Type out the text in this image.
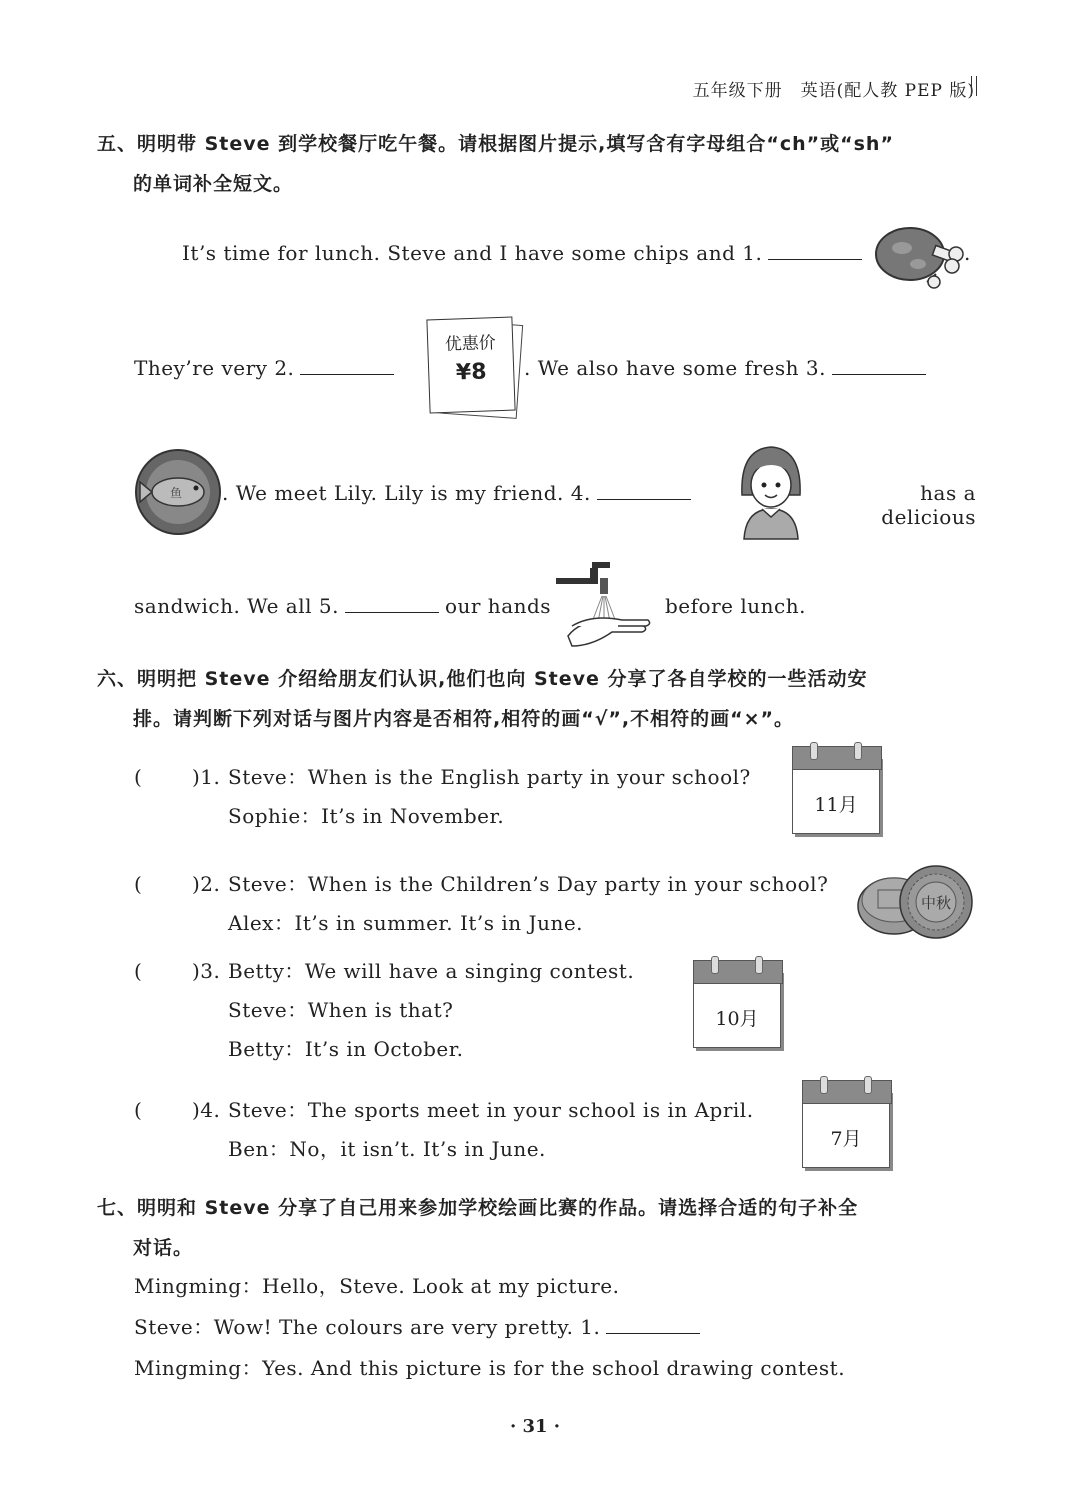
五年级下册　英语(配人教 PEP 版)
五、明明带 Steve 到学校餐厅吃午餐。请根据图片提示,填写含有字母组合“ch”或“sh”
的单词补全短文。
It’s time for lunch. Steve and I have some chips and 1.	.
They’re very 2.
优惠价
¥8	. We also have some fresh 3.
鱼 . We meet Lily. Lily is my friend. 4.	has a delicious
sandwich. We all 5.	our hands	before lunch.
六、明明把 Steve 介绍给朋友们认识,他们也向 Steve 分享了各自学校的一些活动安
排。请判断下列对话与图片内容是否相符,相符的画“√”,不相符的画“×”。
( )1. Steve：When is the English party in your school?
Sophie：It’s in November.	11月
( )2. Steve：When is the Children’s Day party in your school?
Alex：It’s in summer. It’s in June.
中秋
( )3. Betty：We will have a singing contest.
Steve：When is that?
Betty：It’s in October.
10月
( )4. Steve：The sports meet in your school is in April.
Ben：No，it isn’t. It’s in June.	7月
七、明明和 Steve 分享了自己用来参加学校绘画比赛的作品。请选择合适的句子补全
对话。
Mingming：Hello，Steve. Look at my picture.
Steve：Wow! The colours are very pretty. 1.
Mingming：Yes. And this picture is for the school drawing contest.
· 31 ·
